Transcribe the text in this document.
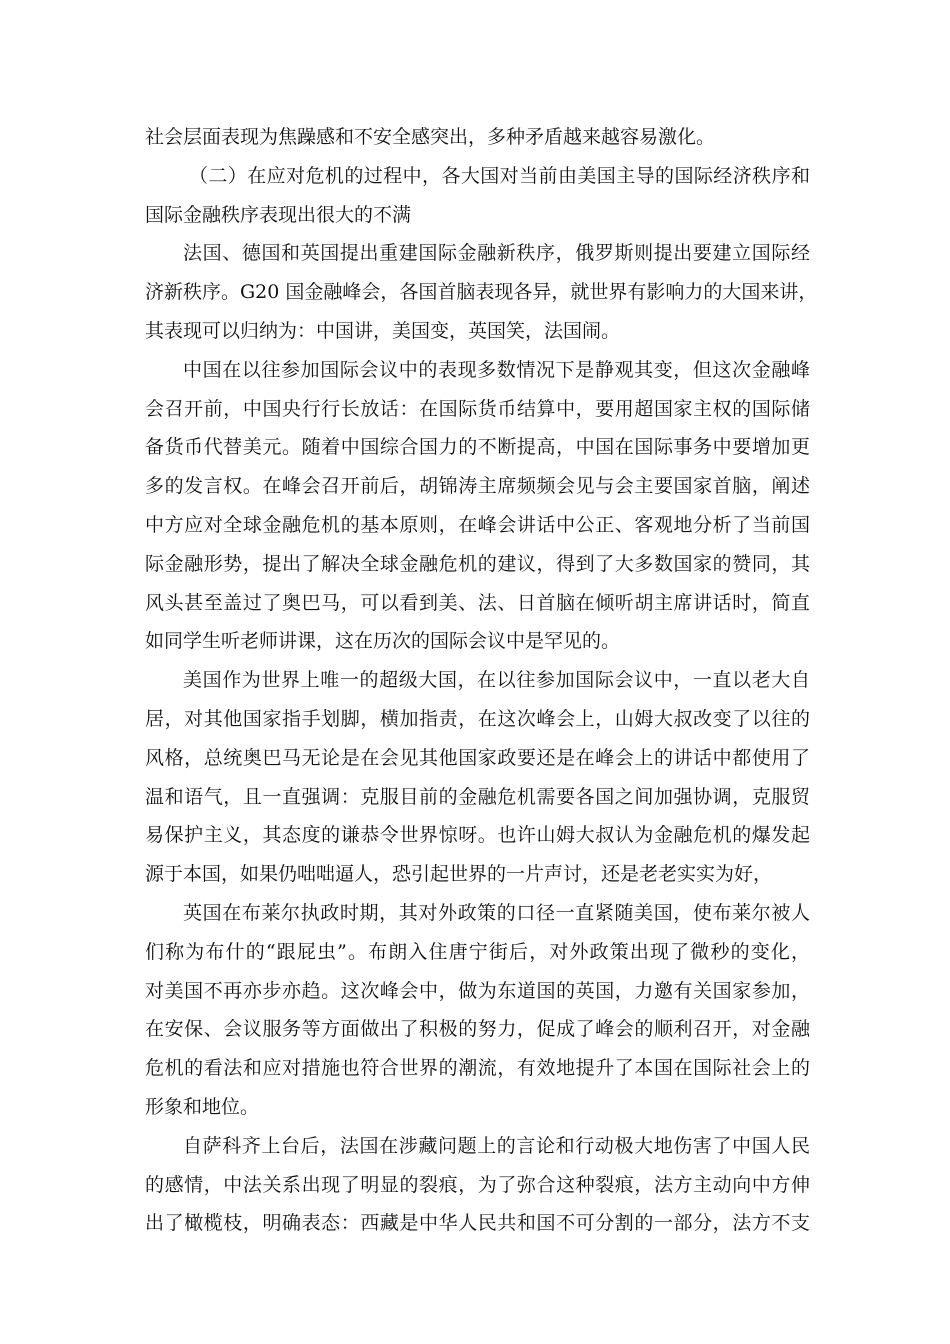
社会层面表现为焦躁感和不安全感突出，多种矛盾越来越容易激化。
（二）在应对危机的过程中，各大国对当前由美国主导的国际经济秩序和
国际金融秩序表现出很大的不满
法国、德国和英国提出重建国际金融新秩序，俄罗斯则提出要建立国际经
济新秩序。G20 国金融峰会，各国首脑表现各异，就世界有影响力的大国来讲，
其表现可以归纳为：中国讲，美国变，英国笑，法国闹。
中国在以往参加国际会议中的表现多数情况下是静观其变，但这次金融峰
会召开前，中国央行行长放话：在国际货币结算中，要用超国家主权的国际储
备货币代替美元。随着中国综合国力的不断提高，中国在国际事务中要增加更
多的发言权。在峰会召开前后，胡锦涛主席频频会见与会主要国家首脑，阐述
中方应对全球金融危机的基本原则，在峰会讲话中公正、客观地分析了当前国
际金融形势，提出了解决全球金融危机的建议，得到了大多数国家的赞同，其
风头甚至盖过了奥巴马，可以看到美、法、日首脑在倾听胡主席讲话时，简直
如同学生听老师讲课，这在历次的国际会议中是罕见的。
美国作为世界上唯一的超级大国，在以往参加国际会议中，一直以老大自
居，对其他国家指手划脚，横加指责，在这次峰会上，山姆大叔改变了以往的
风格，总统奥巴马无论是在会见其他国家政要还是在峰会上的讲话中都使用了
温和语气，且一直强调：克服目前的金融危机需要各国之间加强协调，克服贸
易保护主义，其态度的谦恭令世界惊呀。也许山姆大叔认为金融危机的爆发起
源于本国，如果仍咄咄逼人，恐引起世界的一片声讨，还是老老实实为好，
英国在布莱尔执政时期，其对外政策的口径一直紧随美国，使布莱尔被人
们称为布什的“跟屁虫”。布朗入住唐宁街后，对外政策出现了微秒的变化，
对美国不再亦步亦趋。这次峰会中，做为东道国的英国，力邀有关国家参加，
在安保、会议服务等方面做出了积极的努力，促成了峰会的顺利召开，对金融
危机的看法和应对措施也符合世界的潮流，有效地提升了本国在国际社会上的
形象和地位。
自萨科齐上台后，法国在涉藏问题上的言论和行动极大地伤害了中国人民
的感情，中法关系出现了明显的裂痕，为了弥合这种裂痕，法方主动向中方伸
出了橄榄枝，明确表态：西藏是中华人民共和国不可分割的一部分，法方不支
